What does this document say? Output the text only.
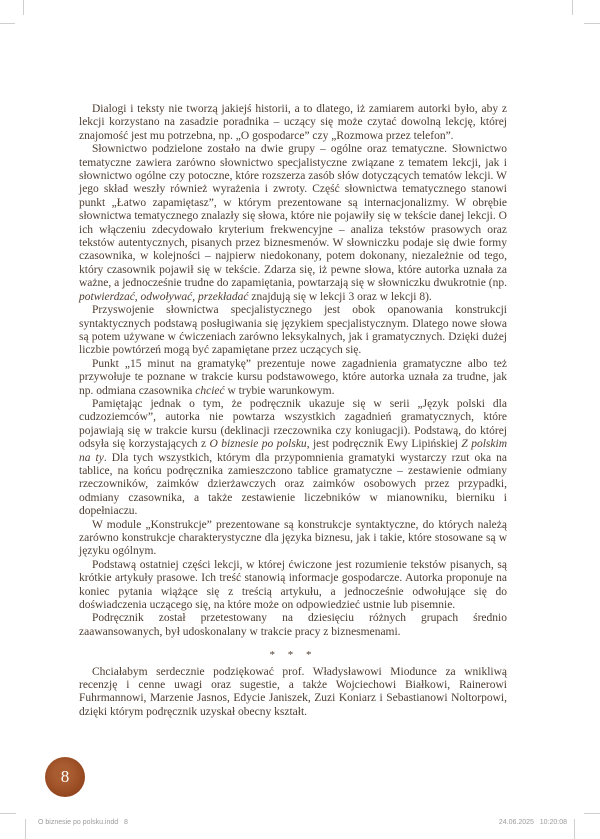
Dialogi i teksty nie tworzą jakiejś historii, a to dlatego, iż zamiarem autorki było, aby z lekcji korzystano na zasadzie poradnika – uczący się może czytać dowolną lekcję, której znajomość jest mu potrzebna, np. „O gospodarce” czy „Rozmowa przez telefon”.

Słownictwo podzielone zostało na dwie grupy – ogólne oraz tematyczne. Słownictwo tematyczne zawiera zarówno słownictwo specjalistyczne związane z tematem lekcji, jak i słownictwo ogólne czy potoczne, które rozszerza zasób słów dotyczących tematów lekcji. W jego skład weszły również wyrażenia i zwroty. Część słownictwa tematycznego stanowi punkt „Łatwo zapamiętasz”, w którym prezentowane są internacjonalizmy. W obrębie słownictwa tematycznego znalazły się słowa, które nie pojawiły się w tekście danej lekcji. O ich włączeniu zdecydowało kryterium frekwencyjne – analiza tekstów prasowych oraz tekstów autentycznych, pisanych przez biznesmenów. W słowniczku podaje się dwie formy czasownika, w kolejności – najpierw niedokonany, potem dokonany, niezależnie od tego, który czasownik pojawił się w tekście. Zdarza się, iż pewne słowa, które autorka uznała za ważne, a jednocześnie trudne do zapamiętania, powtarzają się w słowniczku dwukrotnie (np. potwierdzać, odwoływać, przekładać znajdują się w lekcji 3 oraz w lekcji 8).

Przyswojenie słownictwa specjalistycznego jest obok opanowania konstrukcji syntaktycznych podstawą posługiwania się językiem specjalistycznym. Dlatego nowe słowa są potem używane w ćwiczeniach zarówno leksykalnych, jak i gramatycznych. Dzięki dużej liczbie powtórzeń mogą być zapamiętane przez uczących się.

Punkt „15 minut na gramatykę” prezentuje nowe zagadnienia gramatyczne albo też przywołuje te poznane w trakcie kursu podstawowego, które autorka uznała za trudne, jak np. odmiana czasownika chcieć w trybie warunkowym.

Pamiętając jednak o tym, że podręcznik ukazuje się w serii „Język polski dla cudzoziemców”, autorka nie powtarza wszystkich zagadnień gramatycznych, które pojawiają się w trakcie kursu (deklinacji rzeczownika czy koniugacji). Podstawą, do której odsyła się korzystających z O biznesie po polsku, jest podręcznik Ewy Lipińskiej Z polskim na ty. Dla tych wszystkich, którym dla przypomnienia gramatyki wystarczy rzut oka na tablice, na końcu podręcznika zamieszczono tablice gramatyczne – zestawienie odmiany rzeczowników, zaimków dzierżawczych oraz zaimków osobowych przez przypadki, odmiany czasownika, a także zestawienie liczebników w mianowniku, bierniku i dopełniaczu.

W module „Konstrukcje” prezentowane są konstrukcje syntaktyczne, do których należą zarówno konstrukcje charakterystyczne dla języka biznesu, jak i takie, które stosowane są w języku ogólnym.

Podstawą ostatniej części lekcji, w której ćwiczone jest rozumienie tekstów pisanych, są krótkie artykuły prasowe. Ich treść stanowią informacje gospodarcze. Autorka proponuje na koniec pytania wiążące się z treścią artykułu, a jednocześnie odwołujące się do doświadczenia uczącego się, na które może on odpowiedzieć ustnie lub pisemnie.

Podręcznik został przetestowany na dziesięciu różnych grupach średnio zaawansowanych, był udoskonalany w trakcie pracy z biznesmenami.

* * *

Chciałabym serdecznie podziękować prof. Władysławowi Miodunce za wnikliwą recenzję i cenne uwagi oraz sugestie, a także Wojciechowi Białkowi, Rainerowi Fuhrmannowi, Marzenie Jasnos, Edycie Janiszek, Zuzi Koniarz i Sebastianowi Noltorpowi, dzięki którym podręcznik uzyskał obecny kształt.

8
O biznesie po polsku.indd   8	24.06.2025   10:20:08
